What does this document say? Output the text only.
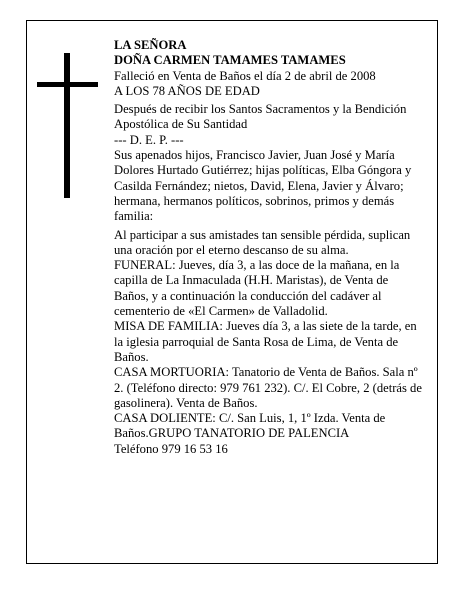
LA SEÑORA

DOÑA CARMEN TAMAMES TAMAMES

Falleció en Venta de Baños el día 2 de abril de 2008

A LOS 78 AÑOS DE EDAD

Después de recibir los Santos Sacramentos y la Bendición Apostólica de Su Santidad

--- D. E. P. ---

Sus apenados hijos, Francisco Javier, Juan José y María Dolores Hurtado Gutiérrez; hijas políticas, Elba Góngora y Casilda Fernández; nietos, David, Elena, Javier y Álvaro; hermana, hermanos políticos, sobrinos, primos y demás familia:

Al participar a sus amistades tan sensible pérdida, suplican una oración por el eterno descanso de su alma.

FUNERAL: Jueves, día 3, a las doce de la mañana, en la capilla de La Inmaculada (H.H. Maristas), de Venta de Baños, y a continuación la conducción del cadáver al cementerio de «El Carmen» de Valladolid.

MISA DE FAMILIA: Jueves día 3, a las siete de la tarde, en la iglesia parroquial de Santa Rosa de Lima, de Venta de Baños.

CASA MORTUORIA: Tanatorio de Venta de Baños. Sala nº 2. (Teléfono directo: 979 761 232). C/. El Cobre, 2 (detrás de gasolinera). Venta de Baños.

CASA DOLIENTE: C/. San Luis, 1, 1º Izda. Venta de Baños.GRUPO TANATORIO DE PALENCIA

Teléfono 979 16 53 16
